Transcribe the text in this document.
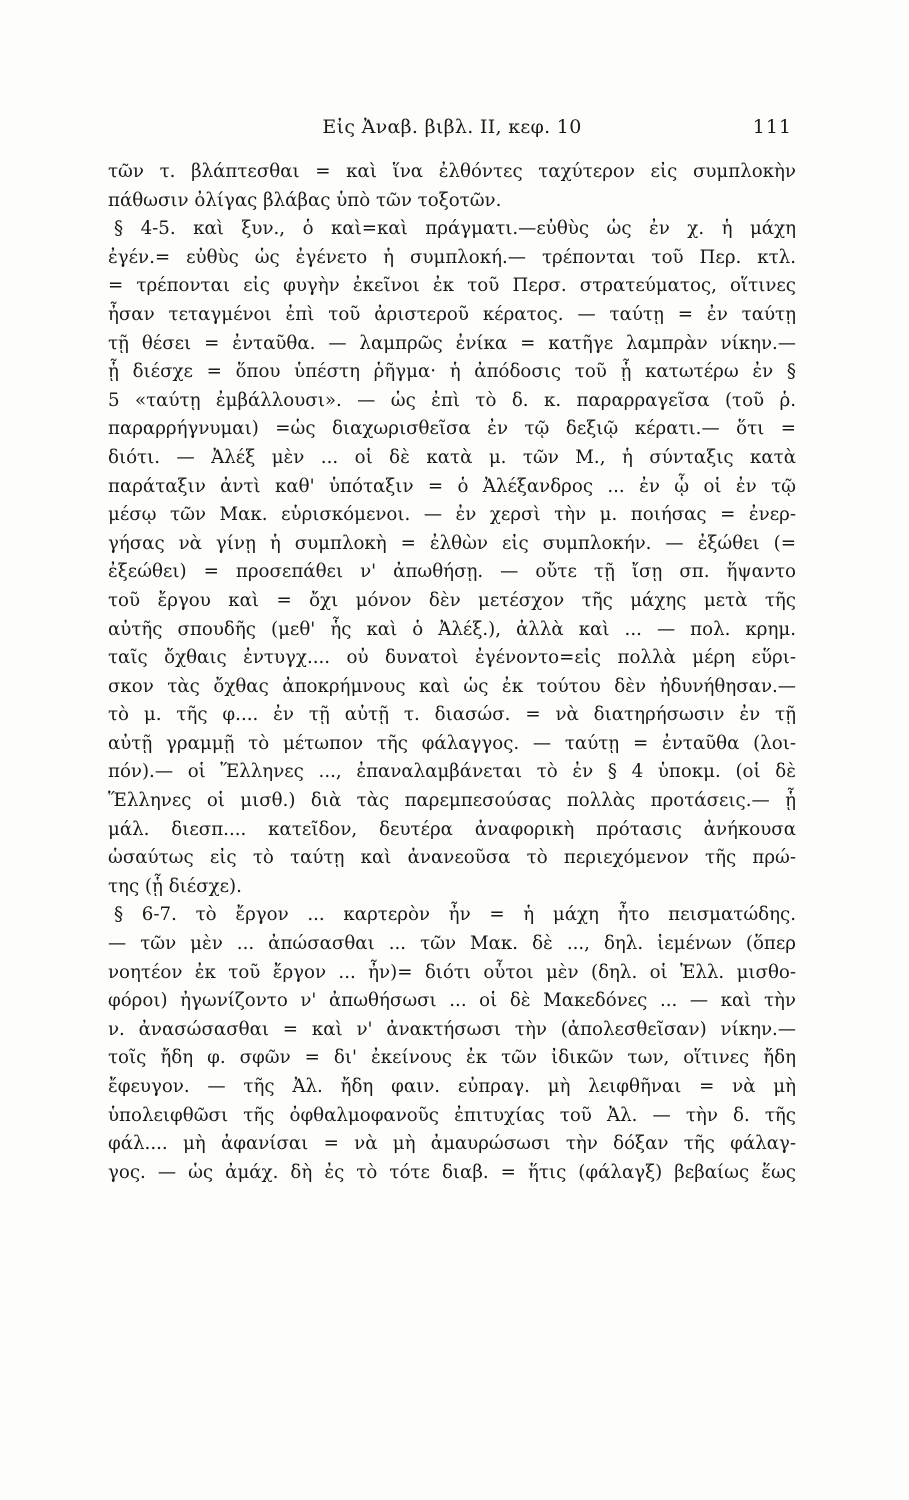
Εἰς Ἀναβ. βιβλ. ΙΙ, κεφ. 10	111
τῶν τ. βλάπτεσθαι = καὶ ἵνα ἐλθόντες ταχύτερον εἰς συμπλοκὴν
πάθωσιν ὀλίγας βλάβας ὑπὸ τῶν τοξοτῶν.
§ 4-5. καὶ ξυν., ὁ καὶ=καὶ πράγματι.—εὐθὺς ὡς ἐν χ. ἡ μάχη
ἐγέν.= εὐθὺς ὡς ἐγένετο ἡ συμπλοκή.— τρέπονται τοῦ Περ. κτλ.
= τρέπονται εἰς φυγὴν ἐκεῖνοι ἐκ τοῦ Περσ. στρατεύματος, οἵτινες
ἦσαν τεταγμένοι ἐπὶ τοῦ ἀριστεροῦ κέρατος. — ταύτῃ = ἐν ταύτῃ
τῇ θέσει = ἐνταῦθα. — λαμπρῶς ἐνίκα = κατῆγε λαμπρὰν νίκην.—
ᾗ διέσχε = ὅπου ὑπέστη ῥῆγμα· ἡ ἀπόδοσις τοῦ ᾗ κατωτέρω ἐν §
5 «ταύτῃ ἐμβάλλουσι». — ὡς ἐπὶ τὸ δ. κ. παραρραγεῖσα (τοῦ ῥ.
παραρρήγνυμαι) =ὡς διαχωρισθεῖσα ἐν τῷ δεξιῷ κέρατι.— ὅτι =
διότι. — Ἀλέξ μὲν ... οἱ δὲ κατὰ μ. τῶν Μ., ἡ σύνταξις κατὰ
παράταξιν ἀντὶ καθ' ὑπόταξιν = ὁ Ἀλέξανδρος ... ἐν ᾧ οἱ ἐν τῷ
μέσῳ τῶν Μακ. εὑρισκόμενοι. — ἐν χερσὶ τὴν μ. ποιήσας = ἐνερ-
γήσας νὰ γίνῃ ἡ συμπλοκὴ = ἐλθὼν εἰς συμπλοκήν. — ἐξώθει (=
ἐξεώθει) = προσεπάθει ν' ἀπωθήσῃ. — οὔτε τῇ ἴσῃ σπ. ἥψαντο
τοῦ ἔργου καὶ = ὄχι μόνον δὲν μετέσχον τῆς μάχης μετὰ τῆς
αὐτῆς σπουδῆς (μεθ' ἧς καὶ ὁ Ἀλέξ.), ἀλλὰ καὶ ... — πολ. κρημ.
ταῖς ὄχθαις ἐντυγχ.... οὐ δυνατοὶ ἐγένοντο=εἰς πολλὰ μέρη εὕρι-
σκον τὰς ὄχθας ἀποκρήμνους καὶ ὡς ἐκ τούτου δὲν ἠδυνήθησαν.—
τὸ μ. τῆς φ.... ἐν τῇ αὐτῇ τ. διασώσ. = νὰ διατηρήσωσιν ἐν τῇ
αὐτῇ γραμμῇ τὸ μέτωπον τῆς φάλαγγος. — ταύτῃ = ἐνταῦθα (λοι-
πόν).— οἱ Ἕλληνες ..., ἐπαναλαμβάνεται τὸ ἐν § 4 ὑποκμ. (οἱ δὲ
Ἕλληνες οἱ μισθ.) διὰ τὰς παρεμπεσούσας πολλὰς προτάσεις.— ᾗ
μάλ. διεσπ.... κατεῖδον, δευτέρα ἀναφορικὴ πρότασις ἀνήκουσα
ὡσαύτως εἰς τὸ ταύτῃ καὶ ἀνανεοῦσα τὸ περιεχόμενον τῆς πρώ-
της (ᾗ διέσχε).
§ 6-7. τὸ ἔργον ... καρτερὸν ἦν = ἡ μάχη ἦτο πεισματώδης.
— τῶν μὲν ... ἀπώσασθαι ... τῶν Μακ. δὲ ..., δηλ. ἱεμένων (ὅπερ
νοητέον ἐκ τοῦ ἔργον ... ἦν)= διότι οὗτοι μὲν (δηλ. οἱ Ἑλλ. μισθο-
φόροι) ἠγωνίζοντο ν' ἀπωθήσωσι ... οἱ δὲ Μακεδόνες ... — καὶ τὴν
ν. ἀνασώσασθαι = καὶ ν' ἀνακτήσωσι τὴν (ἀπολεσθεῖσαν) νίκην.—
τοῖς ἤδη φ. σφῶν = δι' ἐκείνους ἐκ τῶν ἰδικῶν των, οἵτινες ἤδη
ἔφευγον. — τῆς Ἀλ. ἤδη φαιν. εὐπραγ. μὴ λειφθῆναι = νὰ μὴ
ὑπολειφθῶσι τῆς ὀφθαλμοφανοῦς ἐπιτυχίας τοῦ Ἀλ. — τὴν δ. τῆς
φάλ.... μὴ ἀφανίσαι = νὰ μὴ ἀμαυρώσωσι τὴν δόξαν τῆς φάλαγ-
γος. — ὡς ἀμάχ. δὴ ἐς τὸ τότε διαβ. = ἥτις (φάλαγξ) βεβαίως ἕως
